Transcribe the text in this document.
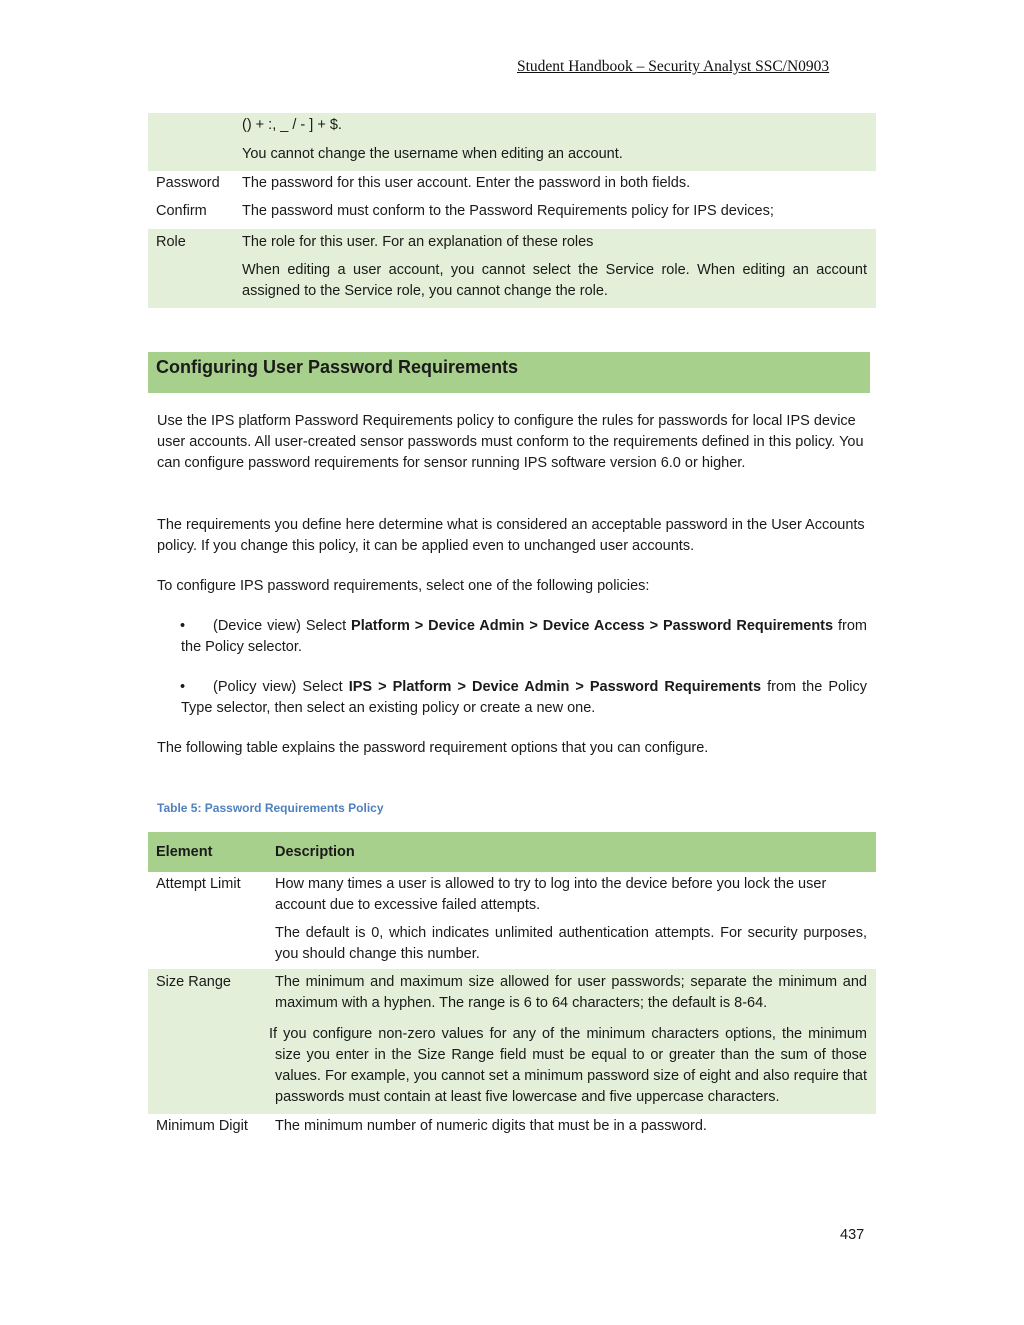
Student Handbook – Security Analyst SSC/N0903

() + :, _ / - ] + $.

You cannot change the username when editing an account.

Password	The password for this user account. Enter the password in both fields.

Confirm	The password must conform to the Password Requirements policy for IPS devices;

Role	The role for this user. For an explanation of these roles

When editing a user account, you cannot select the Service role. When editing an account assigned to the Service role, you cannot change the role.

Configuring User Password Requirements
Use the IPS platform Password Requirements policy to configure the rules for passwords for local IPS device user accounts. All user-created sensor passwords must conform to the requirements defined in this policy. You can configure password requirements for sensor running IPS software version 6.0 or higher.
The requirements you define here determine what is considered an acceptable password in the User Accounts policy. If you change this policy, it can be applied even to unchanged user accounts.
To configure IPS password requirements, select one of the following policies:
•	(Device view) Select Platform > Device Admin > Device Access > Password Requirements from the Policy selector.
•	(Policy view) Select IPS > Platform > Device Admin > Password Requirements from the Policy Type selector, then select an existing policy or create a new one.
The following table explains the password requirement options that you can configure.
Table 5: Password Requirements Policy
Element	Description
Attempt Limit	How many times a user is allowed to try to log into the device before you lock the user account due to excessive failed attempts.

The default is 0, which indicates unlimited authentication attempts. For security purposes, you should change this number.

Size Range	The minimum and maximum size allowed for user passwords; separate the minimum and maximum with a hyphen. The range is 6 to 64 characters; the default is 8-64.

If you configure non-zero values for any of the minimum characters options, the minimum size you enter in the Size Range field must be equal to or greater than the sum of those values. For example, you cannot set a minimum password size of eight and also require that passwords must contain at least five lowercase and five uppercase characters.

Minimum Digit	The minimum number of numeric digits that must be in a password.

437
